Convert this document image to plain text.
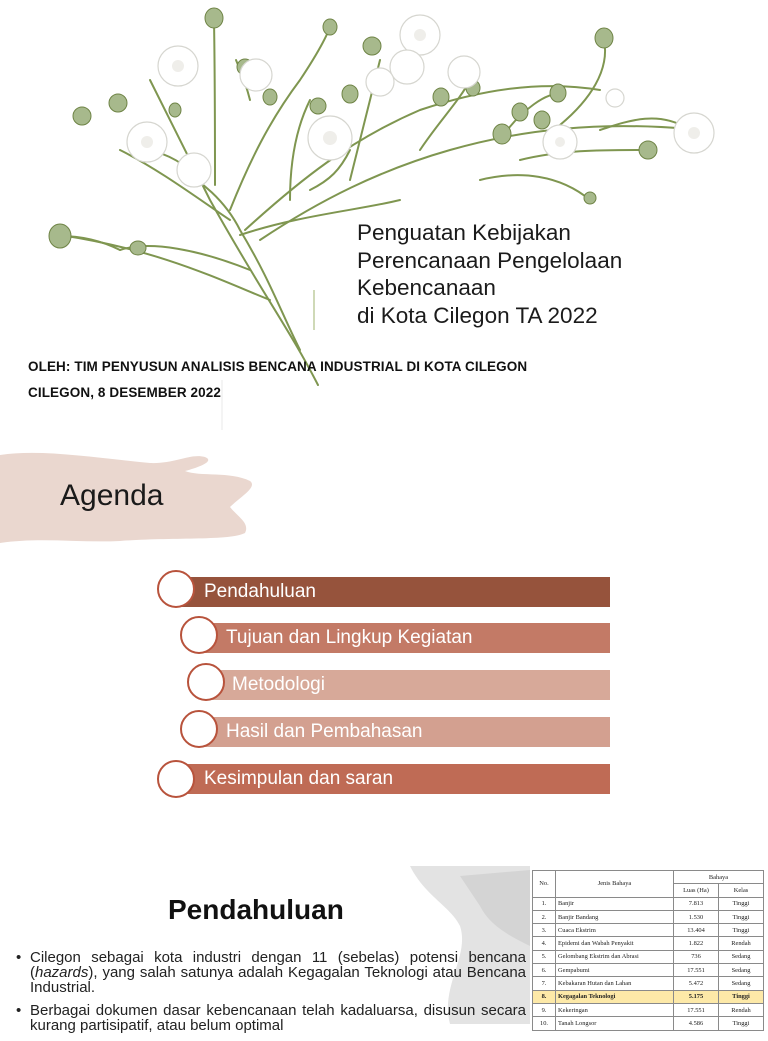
Penguatan Kebijakan
Perencanaan Pengelolaan
Kebencanaan
di Kota Cilegon TA 2022
OLEH: TIM PENYUSUN ANALISIS BENCANA INDUSTRIAL DI KOTA CILEGON
CILEGON, 8 DESEMBER 2022
Agenda
Pendahuluan
Tujuan dan Lingkup Kegiatan
Metodologi
Hasil dan Pembahasan
Kesimpulan dan saran
Pendahuluan
• Cilegon sebagai kota industri dengan 11 (sebelas) potensi bencana (hazards), yang salah satunya adalah Kegagalan Teknologi atau Bencana Industrial.
• Berbagai dokumen dasar kebencanaan telah kadaluarsa, disusun secara kurang partisipatif, atau belum optimal
No.	Jenis Bahaya	Bahaya	
		Luas (Ha)	Kelas
1.	Banjir	7.813	Tinggi
2.	Banjir Bandang	1.530	Tinggi
3.	Cuaca Ekstrim	13.404	Tinggi
4.	Epidemi dan Wabah Penyakit	1.822	Rendah
5.	Gelombang Ekstrim dan Abrasi	736	Sedang
6.	Gempabumi	17.551	Sedang
7.	Kebakaran Hutan dan Lahan	5.472	Sedang
8.	Kegagalan Teknologi	5.175	Tinggi
9.	Kekeringan	17.551	Rendah
10.	Tanah Longsor	4.586	Tinggi
